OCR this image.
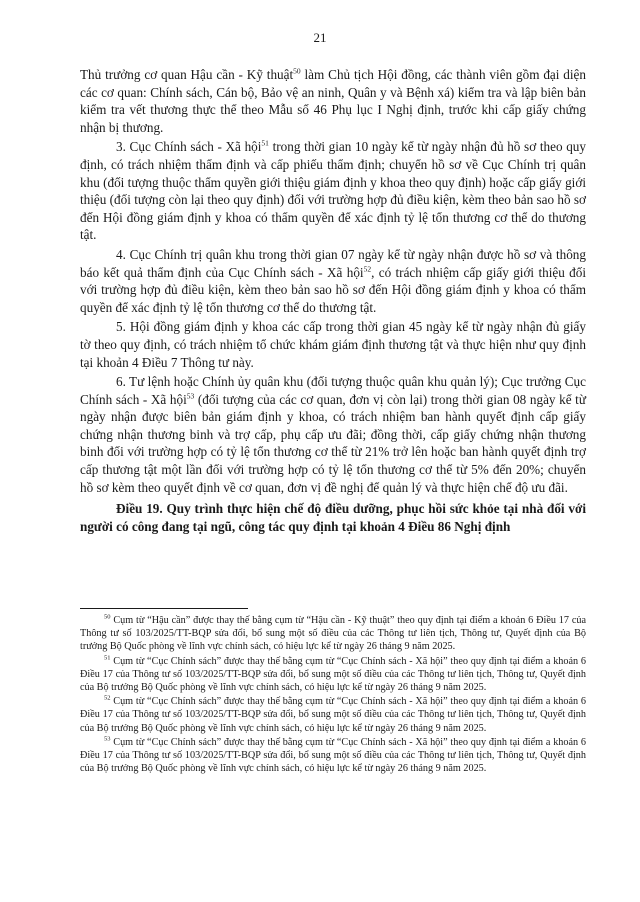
21

Thủ trưởng cơ quan Hậu cần - Kỹ thuật$^{50}$ làm Chủ tịch Hội đồng, các thành viên gồm đại diện các cơ quan: Chính sách, Cán bộ, Bảo vệ an ninh, Quân y và Bệnh xá) kiểm tra và lập biên bản kiểm tra vết thương thực thể theo Mẫu số 46 Phụ lục I Nghị định, trước khi cấp giấy chứng nhận bị thương.

3. Cục Chính sách - Xã hội$^{51}$ trong thời gian 10 ngày kể từ ngày nhận đủ hồ sơ theo quy định, có trách nhiệm thẩm định và cấp phiếu thẩm định; chuyển hồ sơ về Cục Chính trị quân khu (đối tượng thuộc thẩm quyền giới thiệu giám định y khoa theo quy định) hoặc cấp giấy giới thiệu (đối tượng còn lại theo quy định) đối với trường hợp đủ điều kiện, kèm theo bản sao hồ sơ đến Hội đồng giám định y khoa có thẩm quyền để xác định tỷ lệ tổn thương cơ thể do thương tật.

4. Cục Chính trị quân khu trong thời gian 07 ngày kể từ ngày nhận được hồ sơ và thông báo kết quả thẩm định của Cục Chính sách - Xã hội$^{52}$, có trách nhiệm cấp giấy giới thiệu đối với trường hợp đủ điều kiện, kèm theo bản sao hồ sơ đến Hội đồng giám định y khoa có thẩm quyền để xác định tỷ lệ tổn thương cơ thể do thương tật.

5. Hội đồng giám định y khoa các cấp trong thời gian 45 ngày kể từ ngày nhận đủ giấy tờ theo quy định, có trách nhiệm tổ chức khám giám định thương tật và thực hiện như quy định tại khoản 4 Điều 7 Thông tư này.

6. Tư lệnh hoặc Chính ủy quân khu (đối tượng thuộc quân khu quản lý); Cục trưởng Cục Chính sách - Xã hội$^{53}$ (đối tượng của các cơ quan, đơn vị còn lại) trong thời gian 08 ngày kể từ ngày nhận được biên bản giám định y khoa, có trách nhiệm ban hành quyết định cấp giấy chứng nhận thương binh và trợ cấp, phụ cấp ưu đãi; đồng thời, cấp giấy chứng nhận thương binh đối với trường hợp có tỷ lệ tổn thương cơ thể từ 21% trở lên hoặc ban hành quyết định trợ cấp thương tật một lần đối với trường hợp có tỷ lệ tổn thương cơ thể từ 5% đến 20%; chuyển hồ sơ kèm theo quyết định về cơ quan, đơn vị đề nghị để quản lý và thực hiện chế độ ưu đãi.

Điều 19. Quy trình thực hiện chế độ điều dưỡng, phục hồi sức khỏe tại nhà đối với người có công đang tại ngũ, công tác quy định tại khoản 4 Điều 86 Nghị định

$^{50}$ Cụm từ “Hậu cần” được thay thế bằng cụm từ “Hậu cần - Kỹ thuật” theo quy định tại điểm a khoản 6 Điều 17 của Thông tư số 103/2025/TT-BQP sửa đổi, bổ sung một số điều của các Thông tư liên tịch, Thông tư, Quyết định của Bộ trưởng Bộ Quốc phòng về lĩnh vực chính sách, có hiệu lực kể từ ngày 26 tháng 9 năm 2025.

$^{51}$ Cụm từ “Cục Chính sách” được thay thế bằng cụm từ “Cục Chính sách - Xã hội” theo quy định tại điểm a khoản 6 Điều 17 của Thông tư số 103/2025/TT-BQP sửa đổi, bổ sung một số điều của các Thông tư liên tịch, Thông tư, Quyết định của Bộ trưởng Bộ Quốc phòng về lĩnh vực chính sách, có hiệu lực kể từ ngày 26 tháng 9 năm 2025.

$^{52}$ Cụm từ “Cục Chính sách” được thay thế bằng cụm từ “Cục Chính sách - Xã hội” theo quy định tại điểm a khoản 6 Điều 17 của Thông tư số 103/2025/TT-BQP sửa đổi, bổ sung một số điều của các Thông tư liên tịch, Thông tư, Quyết định của Bộ trưởng Bộ Quốc phòng về lĩnh vực chính sách, có hiệu lực kể từ ngày 26 tháng 9 năm 2025.

$^{53}$ Cụm từ “Cục Chính sách” được thay thế bằng cụm từ “Cục Chính sách - Xã hội” theo quy định tại điểm a khoản 6 Điều 17 của Thông tư số 103/2025/TT-BQP sửa đổi, bổ sung một số điều của các Thông tư liên tịch, Thông tư, Quyết định của Bộ trưởng Bộ Quốc phòng về lĩnh vực chính sách, có hiệu lực kể từ ngày 26 tháng 9 năm 2025.
